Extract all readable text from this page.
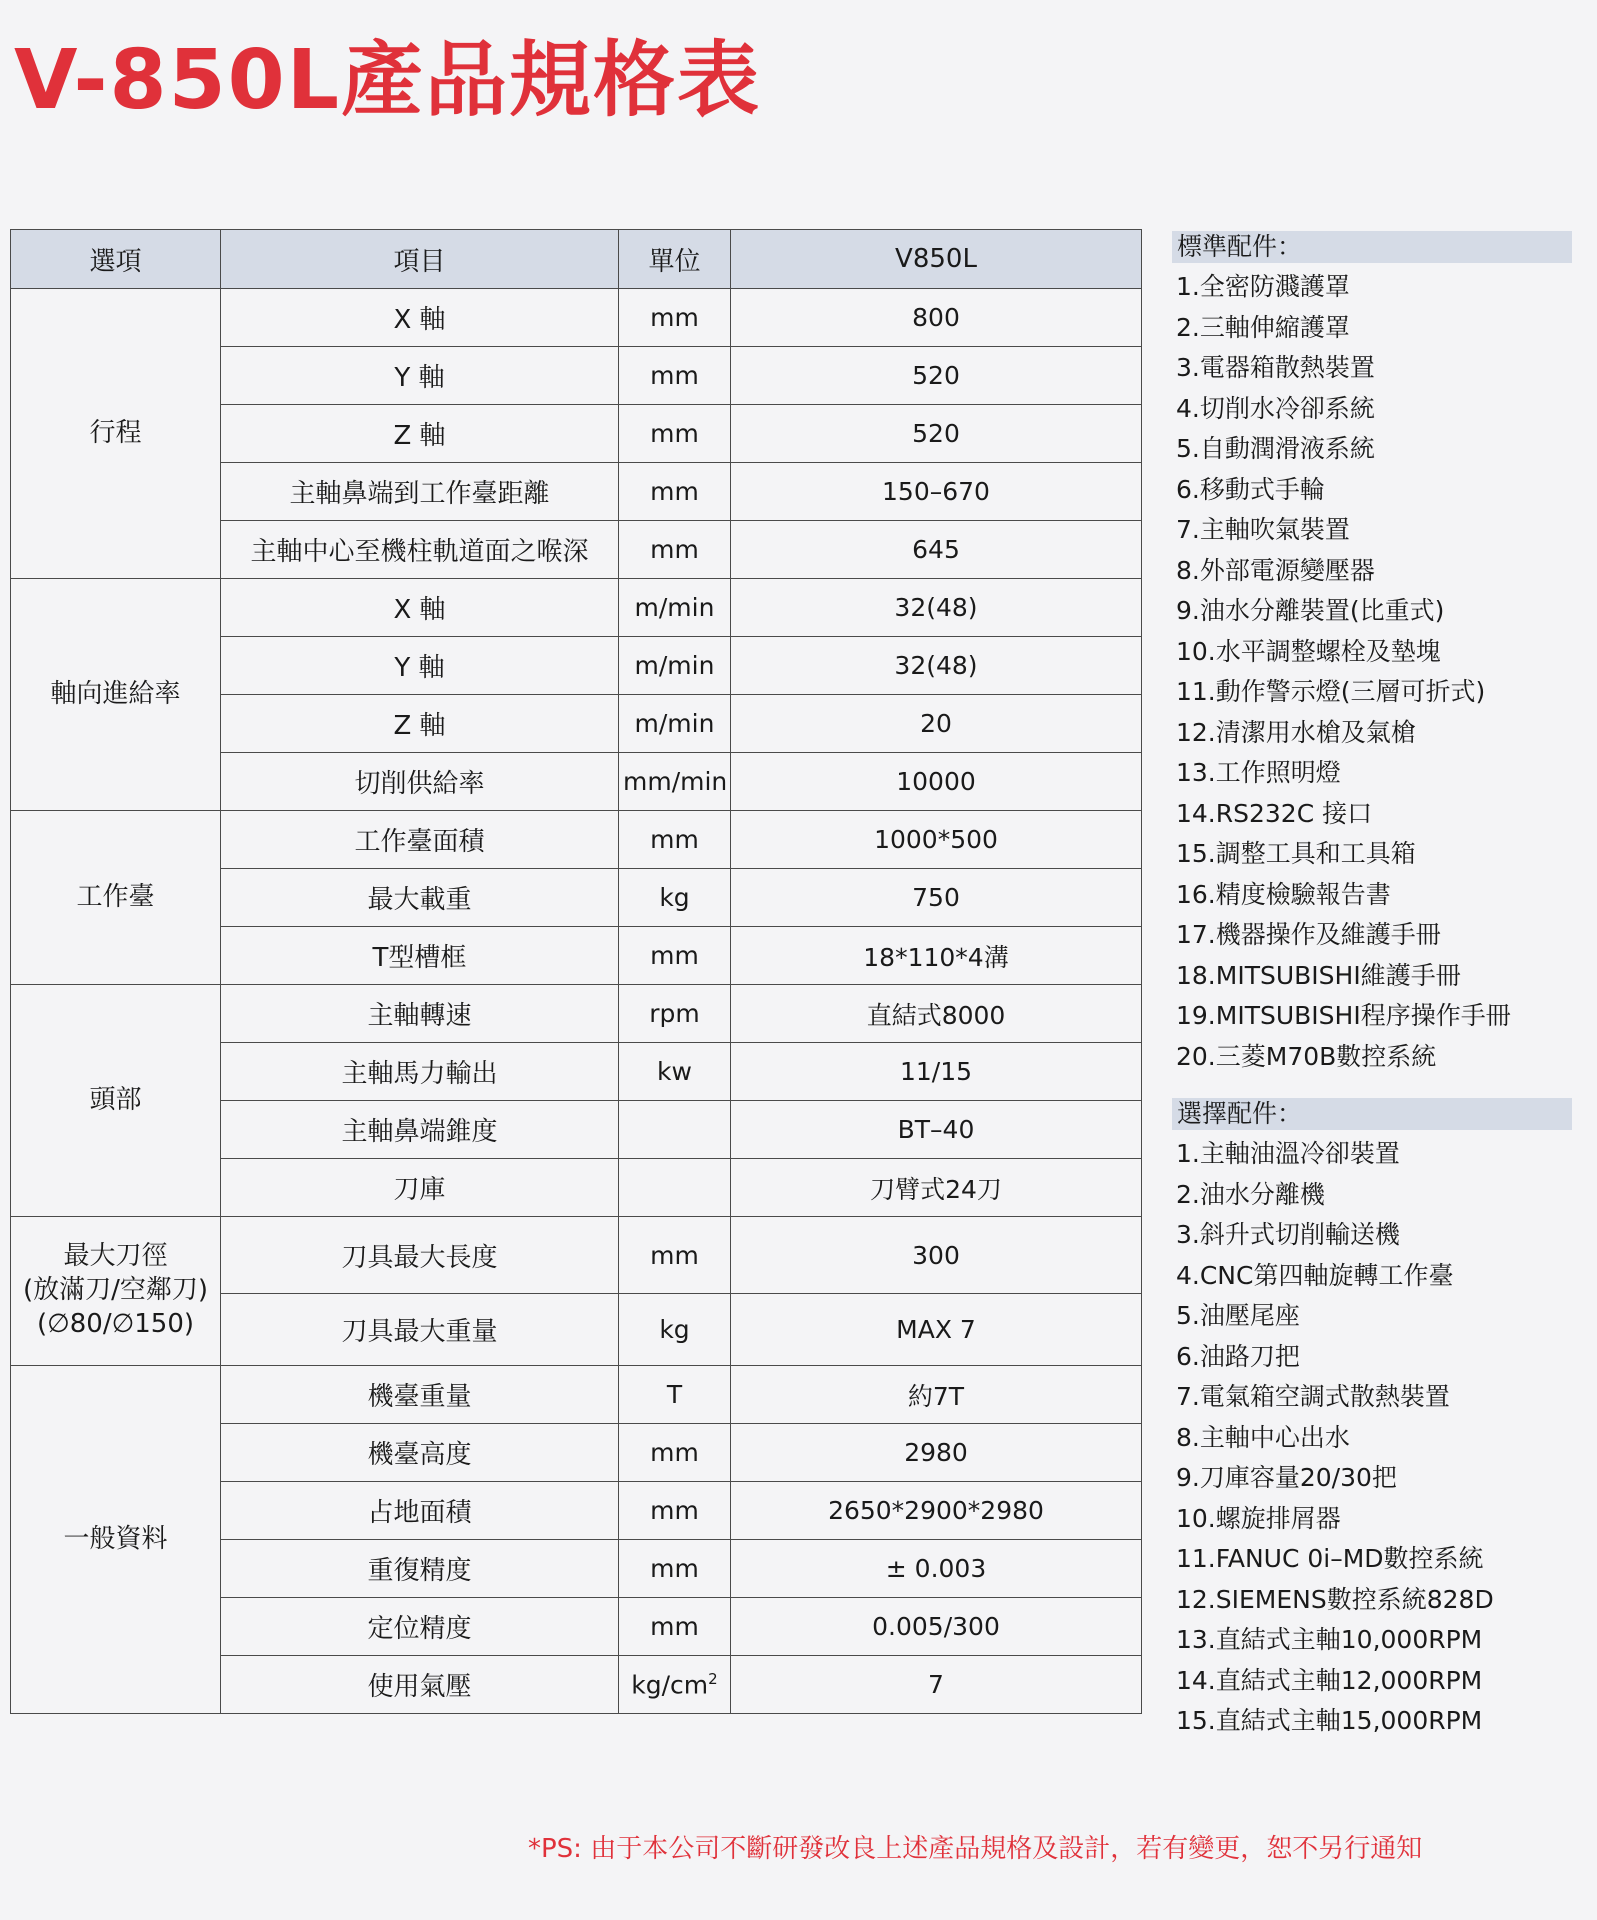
V-850L產品規格表
選項	項目	單位	V850L
行程	X 軸	mm	800
	Y 軸	mm	520
	Z 軸	mm	520
	主軸鼻端到工作臺距離	mm	150–670
	主軸中心至機柱軌道面之喉深	mm	645
軸向進給率	X 軸	m/min	32(48)
	Y 軸	m/min	32(48)
	Z 軸	m/min	20
	切削供給率	mm/min	10000
工作臺	工作臺面積	mm	1000*500
	最大載重	kg	750
	T型槽框	mm	18*110*4溝
頭部	主軸轉速	rpm	直結式8000
	主軸馬力輸出	kw	11/15
	主軸鼻端錐度		BT–40
	刀庫		刀臂式24刀

最大刀徑
(放滿刀/空鄰刀)
(∅80/∅150)	刀具最大長度	mm	300
	刀具最大重量	kg	MAX 7
一般資料	機臺重量	T	約7T
	機臺高度	mm	2980
	占地面積	mm	2650*2900*2980
	重復精度	mm	± 0.003
	定位精度	mm	0.005/300
	使用氣壓	$kg/cm^2$	7
標準配件：
1.全密防濺護罩
2.三軸伸縮護罩
3.電器箱散熱裝置
4.切削水冷卻系統
5.自動潤滑液系統
6.移動式手輪
7.主軸吹氣裝置
8.外部電源變壓器
9.油水分離裝置(比重式)
10.水平調整螺栓及墊塊
11.動作警示燈(三層可折式)
12.清潔用水槍及氣槍
13.工作照明燈
14.RS232C 接口
15.調整工具和工具箱
16.精度檢驗報告書
17.機器操作及維護手冊
18.MITSUBISHI維護手冊
19.MITSUBISHI程序操作手冊
20.三菱M70B數控系統
選擇配件：
1.主軸油溫冷卻裝置
2.油水分離機
3.斜升式切削輸送機
4.CNC第四軸旋轉工作臺
5.油壓尾座
6.油路刀把
7.電氣箱空調式散熱裝置
8.主軸中心出水
9.刀庫容量20/30把
10.螺旋排屑器
11.FANUC 0i–MD數控系統
12.SIEMENS數控系統828D
13.直結式主軸10,000RPM
14.直結式主軸12,000RPM
15.直結式主軸15,000RPM
*PS: 由于本公司不斷研發改良上述產品規格及設計，若有變更，恕不另行通知
